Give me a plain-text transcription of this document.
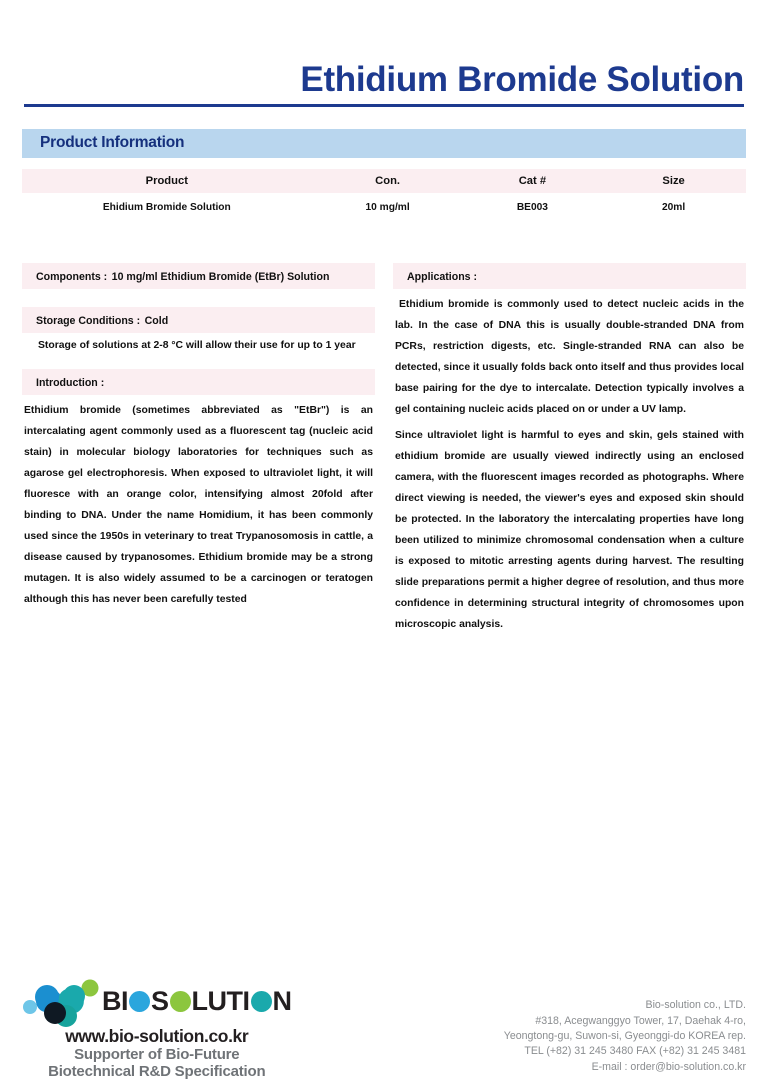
Ethidium Bromide Solution
Product Information
Product	Con.	Cat #	Size
Ehidium Bromide Solution	10 mg/ml	BE003	20ml
Components : 10 mg/ml Ethidium Bromide (EtBr) Solution
Storage Conditions : Cold
Storage of solutions at 2-8 °C will allow their use for up to 1 year
Introduction :
Ethidium bromide (sometimes abbreviated as "EtBr") is an intercalating agent commonly used as a fluorescent tag (nucleic acid stain) in molecular biology laboratories for techniques such as agarose gel electrophoresis. When exposed to ultraviolet light, it will fluoresce with an orange color, intensifying almost 20fold after binding to DNA. Under the name Homidium, it has been commonly used since the 1950s in veterinary to treat Trypanosomosis in cattle, a disease caused by trypanosomes. Ethidium bromide may be a strong mutagen. It is also widely assumed to be a carcinogen or teratogen although this has never been carefully tested
Applications :
Ethidium bromide is commonly used to detect nucleic acids in the lab. In the case of DNA this is usually double-stranded DNA from PCRs, restriction digests, etc. Single-stranded RNA can also be detected, since it usually folds back onto itself and thus provides local base pairing for the dye to intercalate. Detection typically involves a gel containing nucleic acids placed on or under a UV lamp.
Since ultraviolet light is harmful to eyes and skin, gels stained with ethidium bromide are usually viewed indirectly using an enclosed camera, with the fluorescent images recorded as photographs. Where direct viewing is needed, the viewer's eyes and exposed skin should be protected. In the laboratory the intercalating properties have long been utilized to minimize chromosomal condensation when a culture is exposed to mitotic arresting agents during harvest. The resulting slide preparations permit a higher degree of resolution, and thus more confidence in determining structural integrity of chromosomes upon microscopic analysis.
BI S LUTI N
www.bio-solution.co.kr
Supporter of Bio-Future
Biotechnical R&D Specification
Bio-solution co., LTD.
#318, Acegwanggyo Tower, 17, Daehak 4-ro,
Yeongtong-gu, Suwon-si, Gyeonggi-do KOREA rep.
TEL (+82) 31 245 3480 FAX (+82) 31 245 3481
E-mail : order@bio-solution.co.kr
